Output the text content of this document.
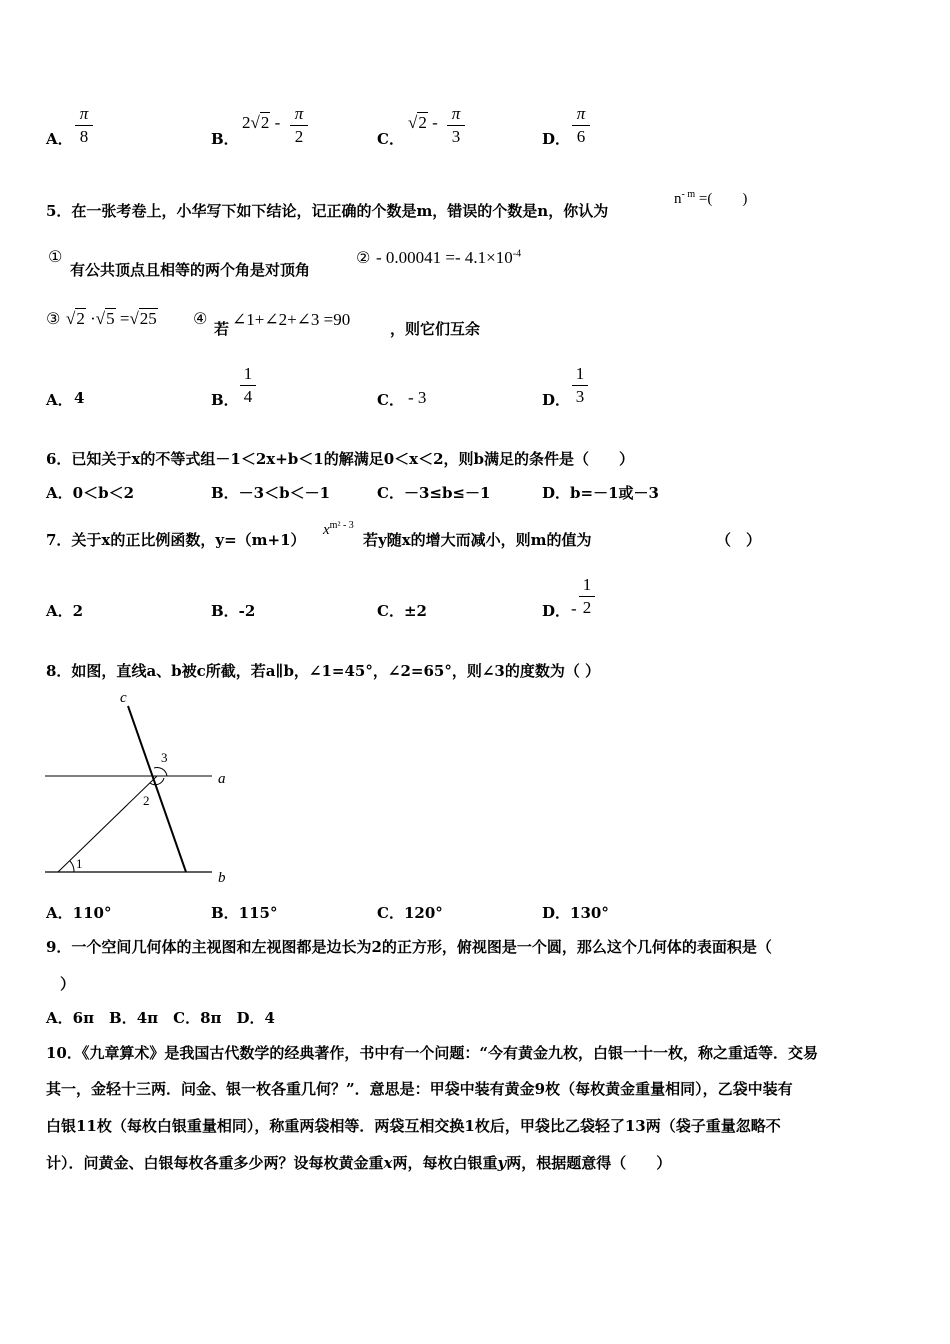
A．
π
8	B．
2√2 - π
2	C．
√2 - π
3	D．
π
6
5．在一张考卷上，小华写下如下结论，记正确的个数是m，错误的个数是n，你认为
$n^{- m}$ =(　　)
①
有公共顶点且相等的两个角是对顶角
② - $0.00041 =- 4.1\times 10^{-4}$
③ √2 ·√5 =√25 ④
若 ∠1+∠2+∠3 =90	，则它们互余
A． 4	B．
1
4	C． - 3	D．
1
3
6．已知关于x的不等式组－1＜2x+b＜1的解满足0＜x＜2，则b满足的条件是（　　）
A．0＜b＜2	B．－3＜b＜－1	C．－3≤b≤－1	D．b=－1或－3
7．关于x的正比例函数，y=（m+1）
$x^{m^2 - 3}$
若y随x的增大而减小，则m的值为	（　）
A．2	B．-2	C．±2	D． -
1
2
8．如图，直线a、b被c所截，若a∥b，∠1=45°，∠2=65°，则∠3的度数为（ ）
c
a
b
1
2
3
A．110°	B．115°	C．120°	D．130°
9．一个空间几何体的主视图和左视图都是边长为2的正方形，俯视图是一个圆，那么这个几何体的表面积是（
）
A．6π　B．4π　C．8π　D．4
10．《九章算术》是我国古代数学的经典著作，书中有一个问题：“今有黄金九枚，白银一十一枚，称之重适等．交易
其一，金轻十三两．问金、银一枚各重几何？”．意思是：甲袋中装有黄金9枚（每枚黄金重量相同），乙袋中装有
白银11枚（每枚白银重量相同），称重两袋相等．两袋互相交换1枚后，甲袋比乙袋轻了13两（袋子重量忽略不
计）．问黄金、白银每枚各重多少两？设每枚黄金重x两，每枚白银重y两，根据题意得（　　）
